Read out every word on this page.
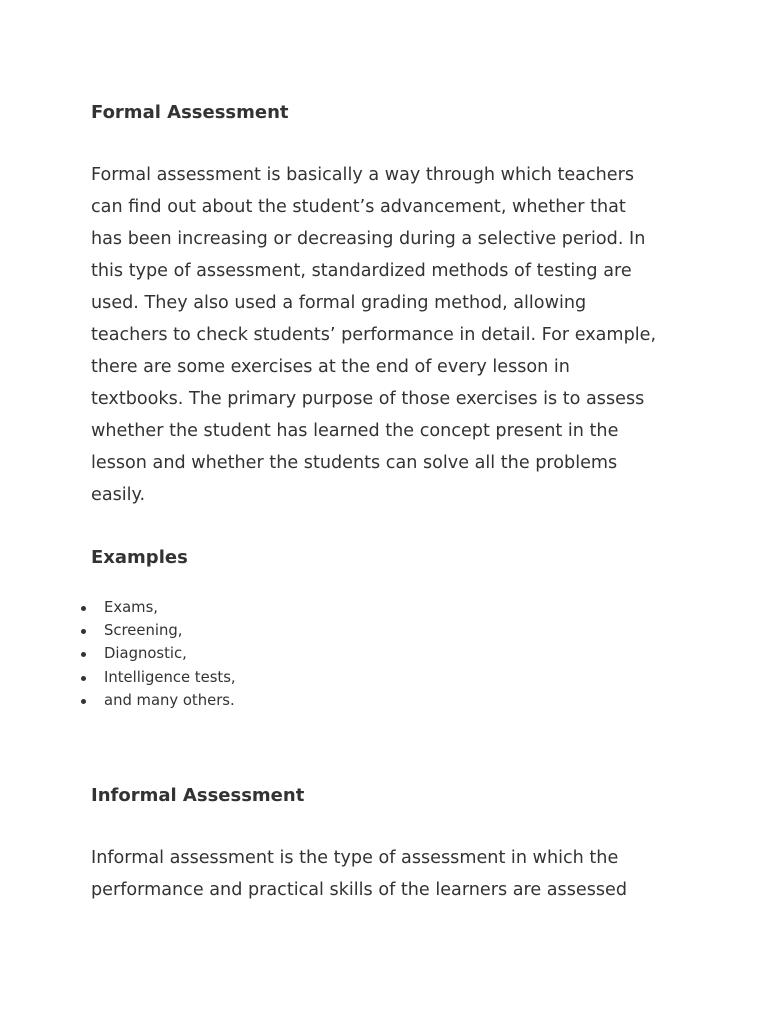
Formal Assessment
Formal assessment is basically a way through which teachers
can find out about the student’s advancement, whether that
has been increasing or decreasing during a selective period. In
this type of assessment, standardized methods of testing are
used. They also used a formal grading method, allowing
teachers to check students’ performance in detail. For example,
there are some exercises at the end of every lesson in
textbooks. The primary purpose of those exercises is to assess
whether the student has learned the concept present in the
lesson and whether the students can solve all the problems
easily.
Examples
Exams,
Screening,
Diagnostic,
Intelligence tests,
and many others.
Informal Assessment
Informal assessment is the type of assessment in which the
performance and practical skills of the learners are assessed
